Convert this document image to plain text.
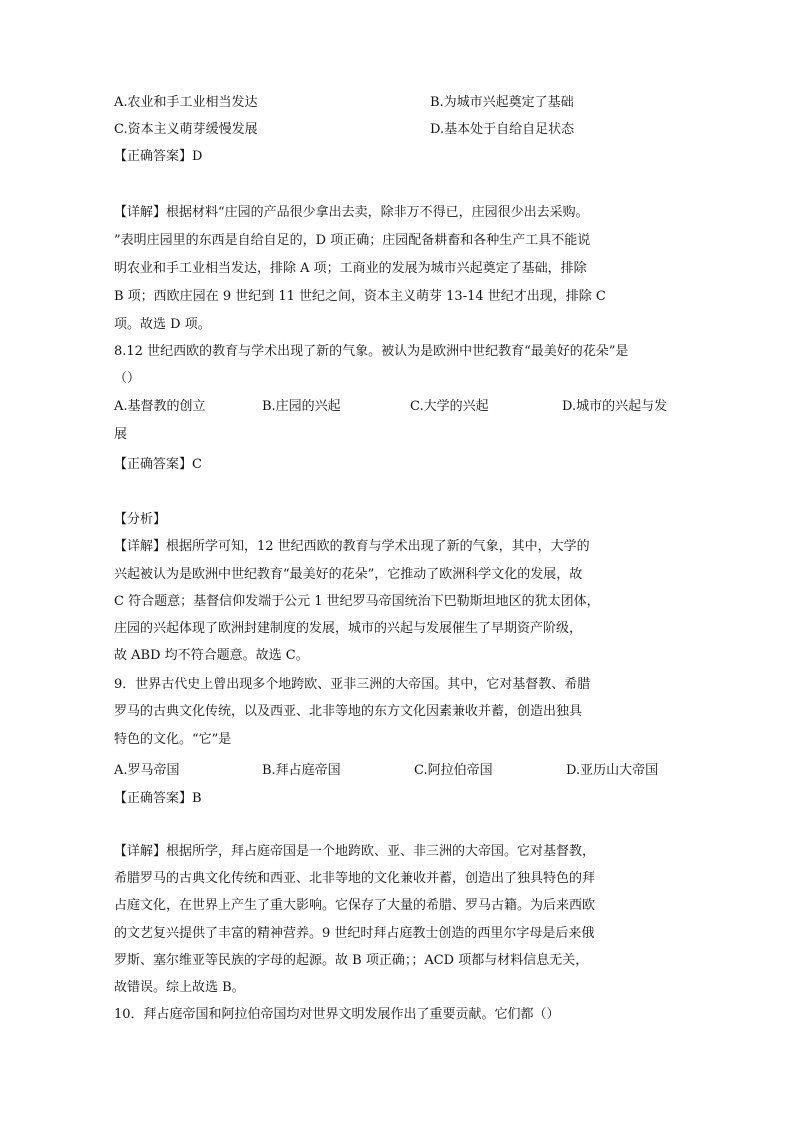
A.农业和手工业相当发达	B.为城市兴起奠定了基础
C.资本主义萌芽缓慢发展	D.基本处于自给自足状态
【正确答案】D
【详解】根据材料“庄园的产品很少拿出去卖，除非万不得已，庄园很少出去采购。
”表明庄园里的东西是自给自足的，D 项正确；庄园配备耕畜和各种生产工具不能说
明农业和手工业相当发达，排除 A 项；工商业的发展为城市兴起奠定了基础，排除
B 项；西欧庄园在 9 世纪到 11 世纪之间，资本主义萌芽 13-14 世纪才出现，排除 C
项。故选 D 项。
8.12 世纪西欧的教育与学术出现了新的气象。被认为是欧洲中世纪教育“最美好的花朵”是
（）
A.基督教的创立	B.庄园的兴起	C.大学的兴起	D.城市的兴起与发
展
【正确答案】C
【分析】
【详解】根据所学可知，12 世纪西欧的教育与学术出现了新的气象，其中，大学的
兴起被认为是欧洲中世纪教育“最美好的花朵”，它推动了欧洲科学文化的发展，故
C 符合题意；基督信仰发端于公元 1 世纪罗马帝国统治下巴勒斯坦地区的犹太团体，
庄园的兴起体现了欧洲封建制度的发展，城市的兴起与发展催生了早期资产阶级，
故 ABD 均不符合题意。故选 C。
9．世界古代史上曾出现多个地跨欧、亚非三洲的大帝国。其中，它对基督教、希腊
罗马的古典文化传统，以及西亚、北非等地的东方文化因素兼收并蓄，创造出独具
特色的文化。“它”是
A.罗马帝国	B.拜占庭帝国	C.阿拉伯帝国	D.亚历山大帝国
【正确答案】B
【详解】根据所学，拜占庭帝国是一个地跨欧、亚、非三洲的大帝国。它对基督教，
希腊罗马的古典文化传统和西亚、北非等地的文化兼收并蓄，创造出了独具特色的拜
占庭文化，在世界上产生了重大影响。它保存了大量的希腊、罗马古籍。为后来西欧
的文艺复兴提供了丰富的精神营养。9 世纪时拜占庭教士创造的西里尔字母是后来俄
罗斯、塞尔维亚等民族的字母的起源。故 B 项正确；；ACD 项都与材料信息无关，
故错误。综上故选 B。
10．拜占庭帝国和阿拉伯帝国均对世界文明发展作出了重要贡献。它们都（）
